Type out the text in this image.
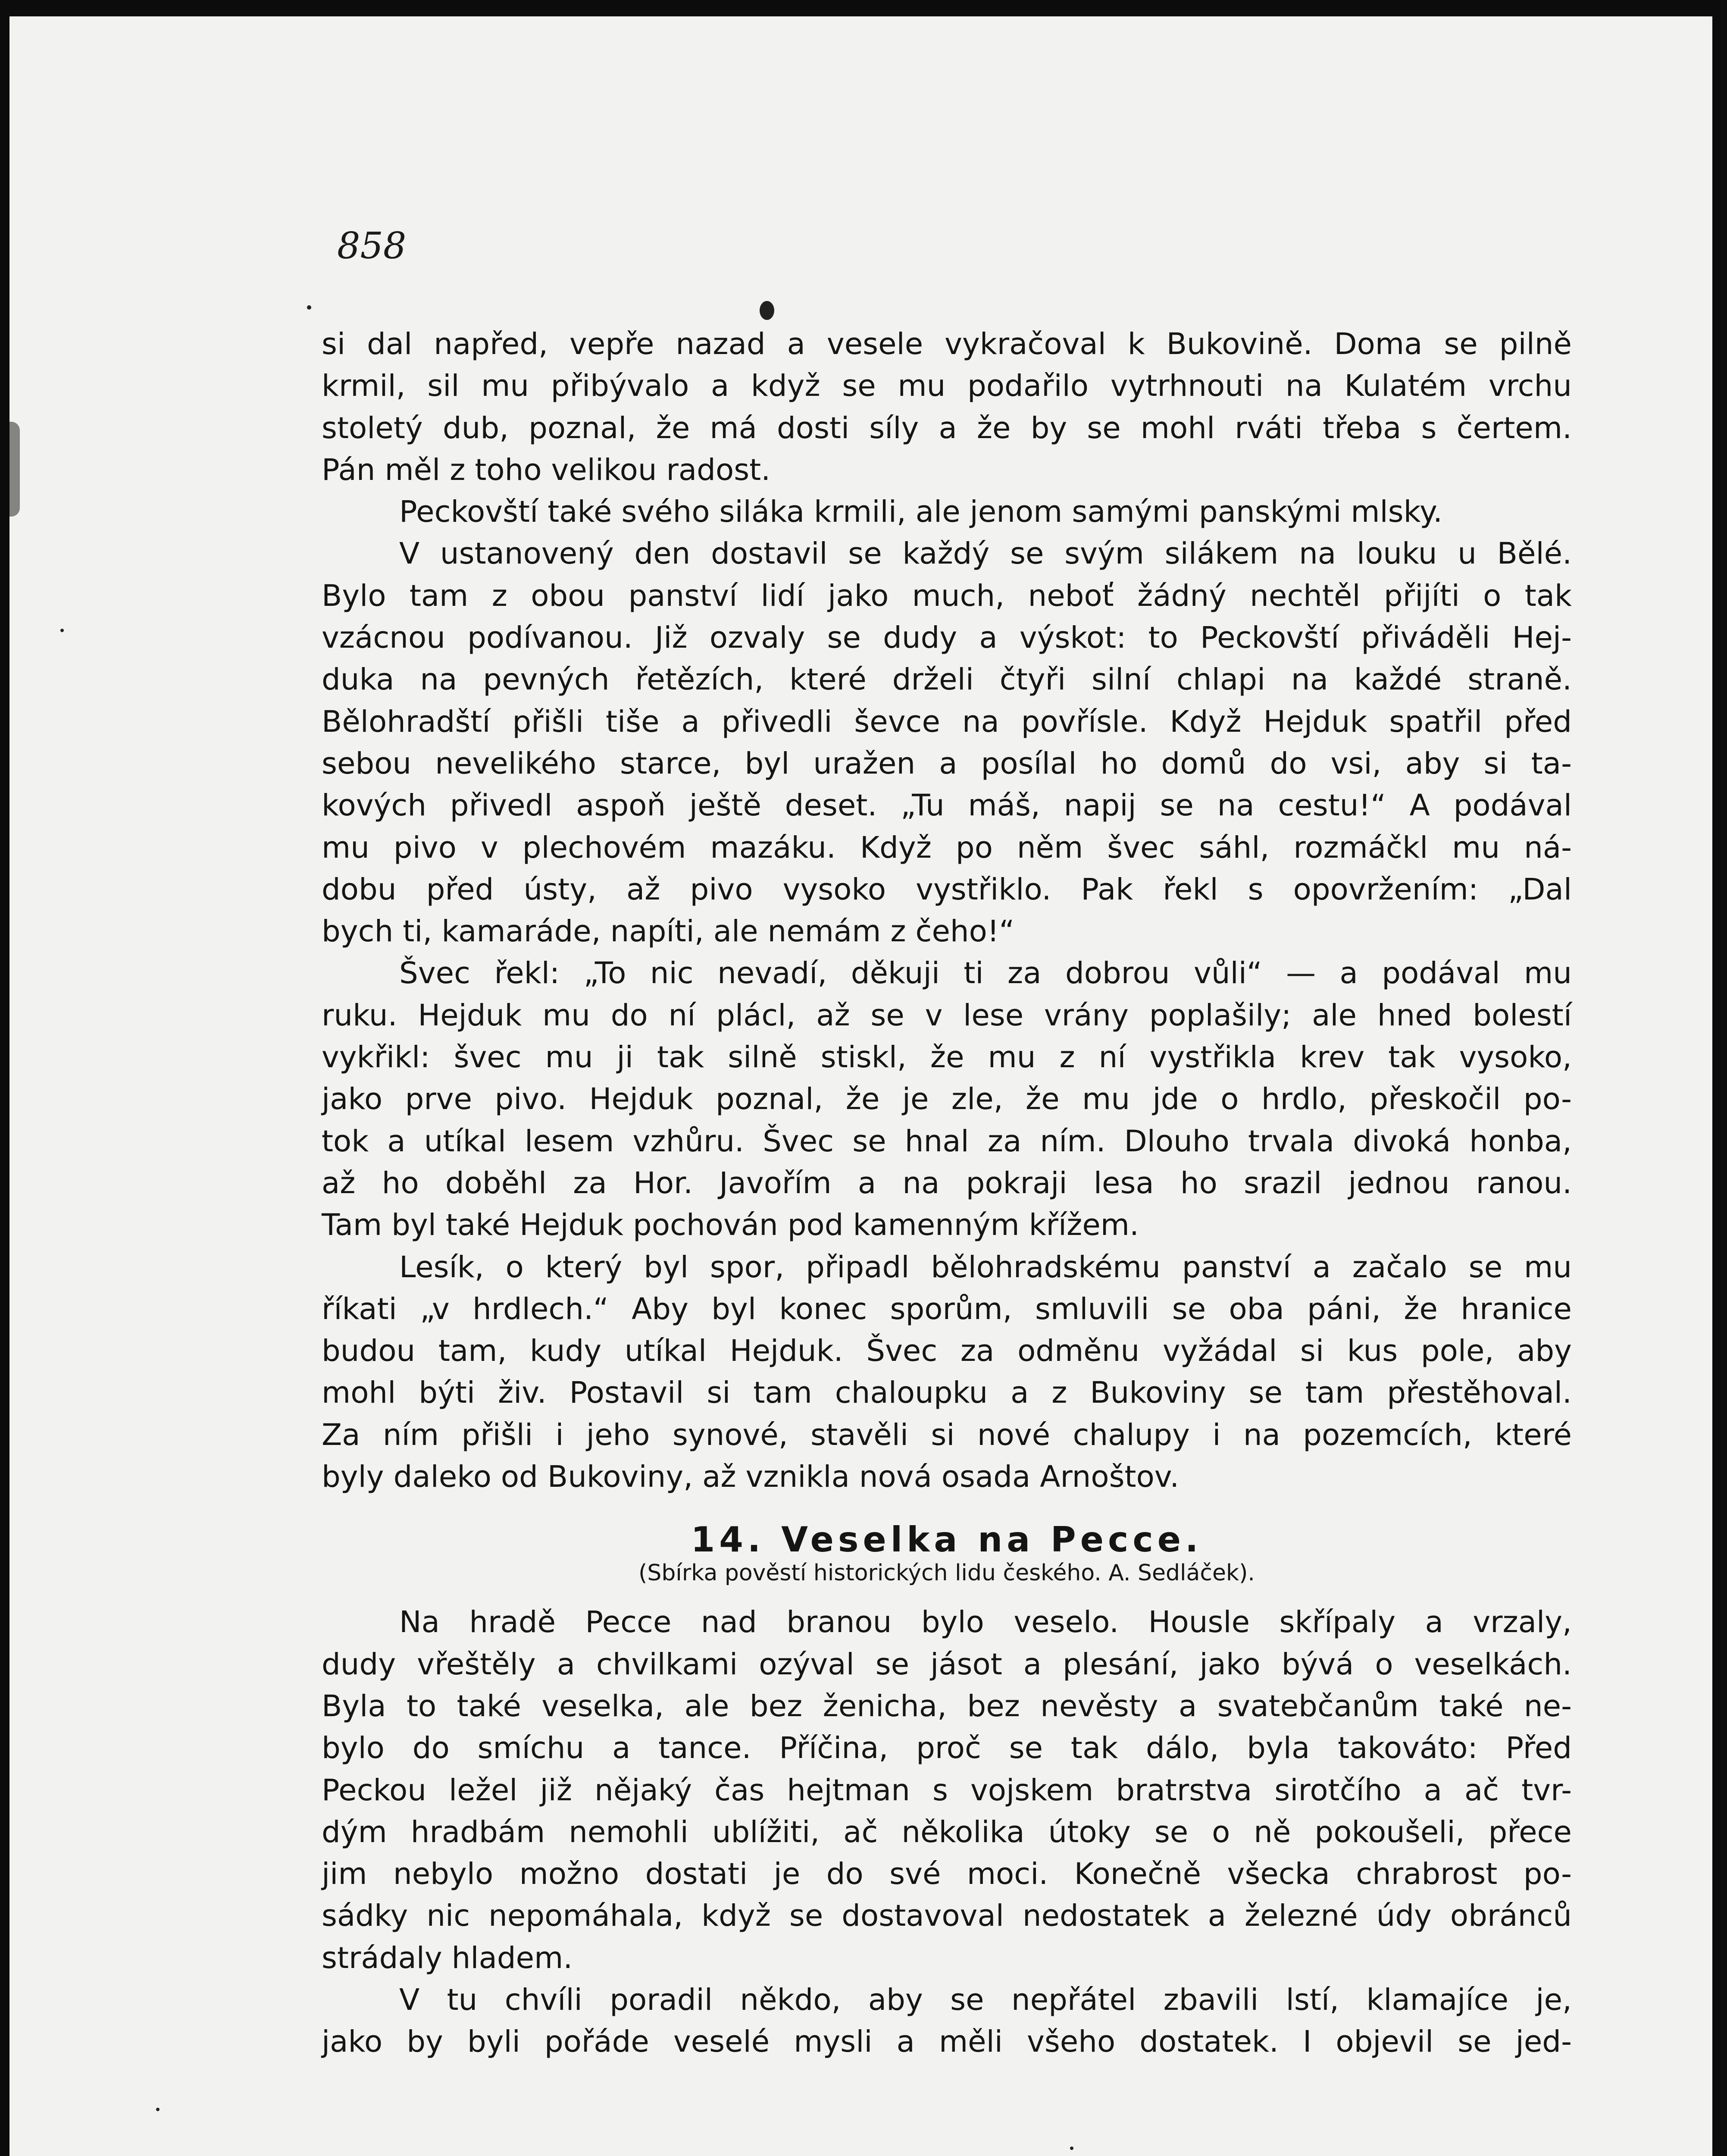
858
si dal napřed, vepře nazad a vesele vykračoval k Bukovině. Doma se pilně
krmil, sil mu přibývalo a když se mu podařilo vytrhnouti na Kulatém vrchu
stoletý dub, poznal, že má dosti síly a že by se mohl rváti třeba s čertem.
Pán měl z toho velikou radost.
Peckovští také svého siláka krmili, ale jenom samými panskými mlsky.
V ustanovený den dostavil se každý se svým silákem na louku u Bělé.
Bylo tam z obou panství lidí jako much, neboť žádný nechtěl přijíti o tak
vzácnou podívanou. Již ozvaly se dudy a výskot: to Peckovští přiváděli Hej-
duka na pevných řetězích, které drželi čtyři silní chlapi na každé straně.
Bělohradští přišli tiše a přivedli ševce na povřísle. Když Hejduk spatřil před
sebou nevelikého starce, byl uražen a posílal ho domů do vsi, aby si ta-
kových přivedl aspoň ještě deset. „Tu máš, napij se na cestu!“ A podával
mu pivo v plechovém mazáku. Když po něm švec sáhl, rozmáčkl mu ná-
dobu před ústy, až pivo vysoko vystřiklo. Pak řekl s opovržením: „Dal
bych ti, kamaráde, napíti, ale nemám z čeho!“
Švec řekl: „To nic nevadí, děkuji ti za dobrou vůli“ — a podával mu
ruku. Hejduk mu do ní plácl, až se v lese vrány poplašily; ale hned bolestí
vykřikl: švec mu ji tak silně stiskl, že mu z ní vystřikla krev tak vysoko,
jako prve pivo. Hejduk poznal, že je zle, že mu jde o hrdlo, přeskočil po-
tok a utíkal lesem vzhůru. Švec se hnal za ním. Dlouho trvala divoká honba,
až ho doběhl za Hor. Javořím a na pokraji lesa ho srazil jednou ranou.
Tam byl také Hejduk pochován pod kamenným křížem.
Lesík, o který byl spor, připadl bělohradskému panství a začalo se mu
říkati „v hrdlech.“ Aby byl konec sporům, smluvili se oba páni, že hranice
budou tam, kudy utíkal Hejduk. Švec za odměnu vyžádal si kus pole, aby
mohl býti živ. Postavil si tam chaloupku a z Bukoviny se tam přestěhoval.
Za ním přišli i jeho synové, stavěli si nové chalupy i na pozemcích, které
byly daleko od Bukoviny, až vznikla nová osada Arnoštov.
14. Veselka na Pecce.
(Sbírka pověstí historických lidu českého. A. Sedláček).
Na hradě Pecce nad branou bylo veselo. Housle skřípaly a vrzaly,
dudy vřeštěly a chvilkami ozýval se jásot a plesání, jako bývá o veselkách.
Byla to také veselka, ale bez ženicha, bez nevěsty a svatebčanům také ne-
bylo do smíchu a tance. Příčina, proč se tak dálo, byla takováto: Před
Peckou ležel již nějaký čas hejtman s vojskem bratrstva sirotčího a ač tvr-
dým hradbám nemohli ublížiti, ač několika útoky se o ně pokoušeli, přece
jim nebylo možno dostati je do své moci. Konečně všecka chrabrost po-
sádky nic nepomáhala, když se dostavoval nedostatek a železné údy obránců
strádaly hladem.
V tu chvíli poradil někdo, aby se nepřátel zbavili lstí, klamajíce je,
jako by byli pořáde veselé mysli a měli všeho dostatek. I objevil se jed-
